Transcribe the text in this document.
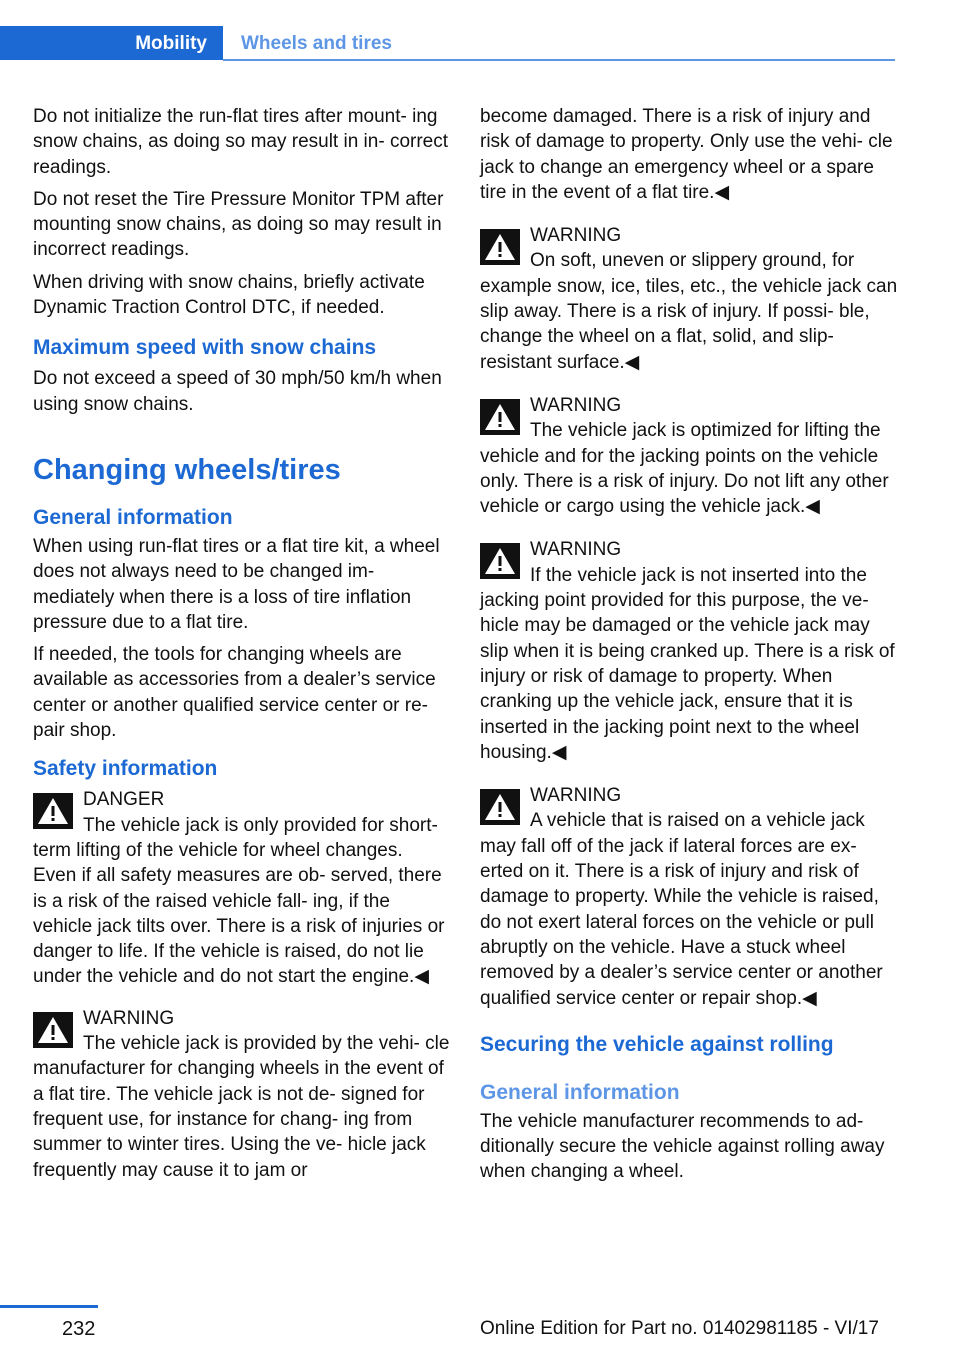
Mobility Wheels and tires

Do not initialize the run-flat tires after mount‐ ing snow chains, as doing so may result in in‐ correct readings.

Do not reset the Tire Pressure Monitor TPM after mounting snow chains, as doing so may result in incorrect readings.

When driving with snow chains, briefly activate Dynamic Traction Control DTC, if needed.

Maximum speed with snow chains

Do not exceed a speed of 30 mph/50 km/h when using snow chains.

Changing wheels/tires
General information

When using run-flat tires or a flat tire kit, a wheel does not always need to be changed im‐ mediately when there is a loss of tire inflation pressure due to a flat tire.

If needed, the tools for changing wheels are available as accessories from a dealer’s service center or another qualified service center or re‐ pair shop.

Safety information
DANGER
The vehicle jack is only provided for short-term lifting of the vehicle for wheel changes. Even if all safety measures are ob‐ served, there is a risk of the raised vehicle fall‐ ing, if the vehicle jack tilts over. There is a risk of injuries or danger to life. If the vehicle is raised, do not lie under the vehicle and do not start the engine.◀
WARNING
The vehicle jack is provided by the vehi‐ cle manufacturer for changing wheels in the event of a flat tire. The vehicle jack is not de‐ signed for frequent use, for instance for chang‐ ing from summer to winter tires. Using the ve‐ hicle jack frequently may cause it to jam or

become damaged. There is a risk of injury and risk of damage to property. Only use the vehi‐ cle jack to change an emergency wheel or a spare tire in the event of a flat tire.◀

WARNING
On soft, uneven or slippery ground, for example snow, ice, tiles, etc., the vehicle jack can slip away. There is a risk of injury. If possi‐ ble, change the wheel on a flat, solid, and slip- resistant surface.◀
WARNING
The vehicle jack is optimized for lifting the vehicle and for the jacking points on the vehicle only. There is a risk of injury. Do not lift any other vehicle or cargo using the vehicle jack.◀
WARNING
If the vehicle jack is not inserted into the jacking point provided for this purpose, the ve‐ hicle may be damaged or the vehicle jack may slip when it is being cranked up. There is a risk of injury or risk of damage to property. When cranking up the vehicle jack, ensure that it is inserted in the jacking point next to the wheel housing.◀
WARNING
A vehicle that is raised on a vehicle jack may fall off of the jack if lateral forces are ex‐ erted on it. There is a risk of injury and risk of damage to property. While the vehicle is raised, do not exert lateral forces on the vehicle or pull abruptly on the vehicle. Have a stuck wheel removed by a dealer’s service center or another qualified service center or repair shop.◀
Securing the vehicle against rolling
General information

The vehicle manufacturer recommends to ad‐ ditionally secure the vehicle against rolling away when changing a wheel.

232	Online Edition for Part no. 01402981185 - VI/17
